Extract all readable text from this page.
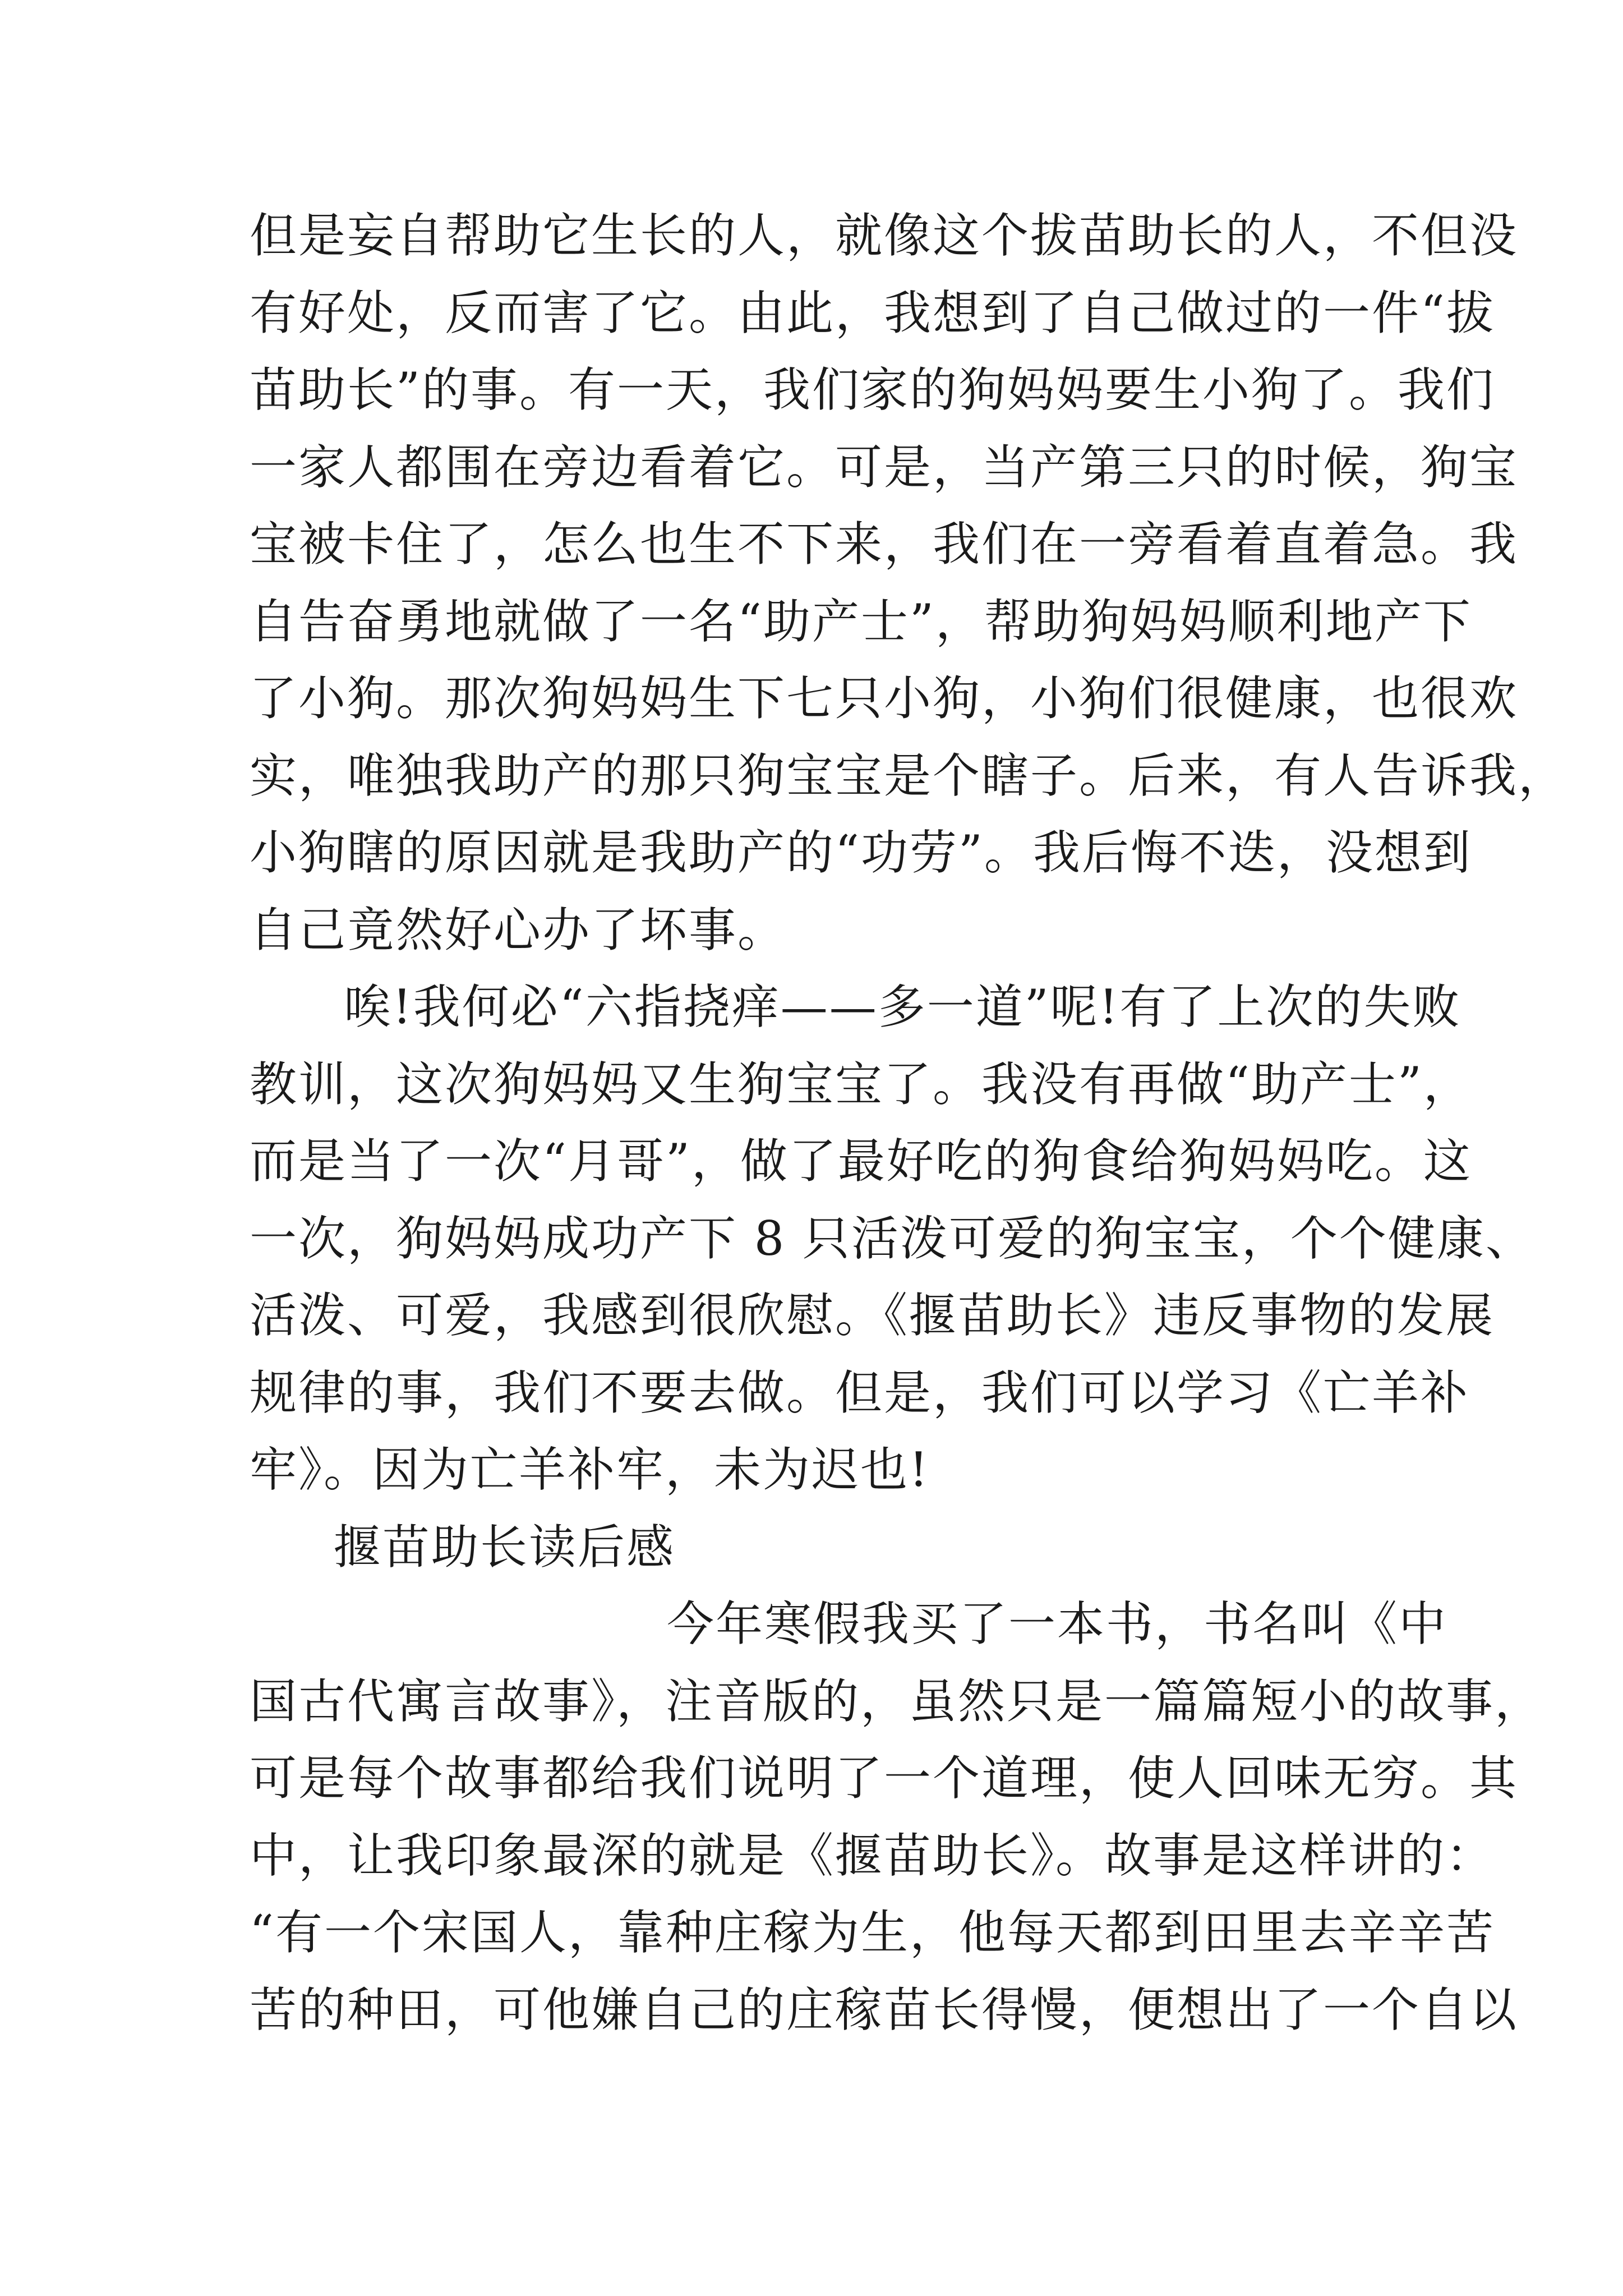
但是妄自帮助它生长的人，就像这个拔苗助长的人，不但没
有好处，反而害了它。由此，我想到了自己做过的一件“拔
苗助长”的事。有一天，我们家的狗妈妈要生小狗了。我们
一家人都围在旁边看着它。可是，当产第三只的时候，狗宝
宝被卡住了，怎么也生不下来，我们在一旁看着直着急。我
自告奋勇地就做了一名“助产士”，帮助狗妈妈顺利地产下
了小狗。那次狗妈妈生下七只小狗，小狗们很健康，也很欢
实，唯独我助产的那只狗宝宝是个瞎子。后来，有人告诉我，
小狗瞎的原因就是我助产的“功劳”。我后悔不迭，没想到
自己竟然好心办了坏事。
唉!我何必“六指挠痒——多一道”呢!有了上次的失败
教训，这次狗妈妈又生狗宝宝了。我没有再做“助产士”，
而是当了一次“月哥”，做了最好吃的狗食给狗妈妈吃。这
一次，狗妈妈成功产下 8 只活泼可爱的狗宝宝，个个健康、
活泼、可爱，我感到很欣慰。《揠苗助长》违反事物的发展
规律的事，我们不要去做。但是，我们可以学习《亡羊补
牢》。因为亡羊补牢，未为迟也!
揠苗助长读后感
今年寒假我买了一本书，书名叫《中
国古代寓言故事》，注音版的，虽然只是一篇篇短小的故事，
可是每个故事都给我们说明了一个道理，使人回味无穷。其
中，让我印象最深的就是《揠苗助长》。故事是这样讲的：
“有一个宋国人，靠种庄稼为生，他每天都到田里去辛辛苦
苦的种田，可他嫌自己的庄稼苗长得慢，便想出了一个自以
